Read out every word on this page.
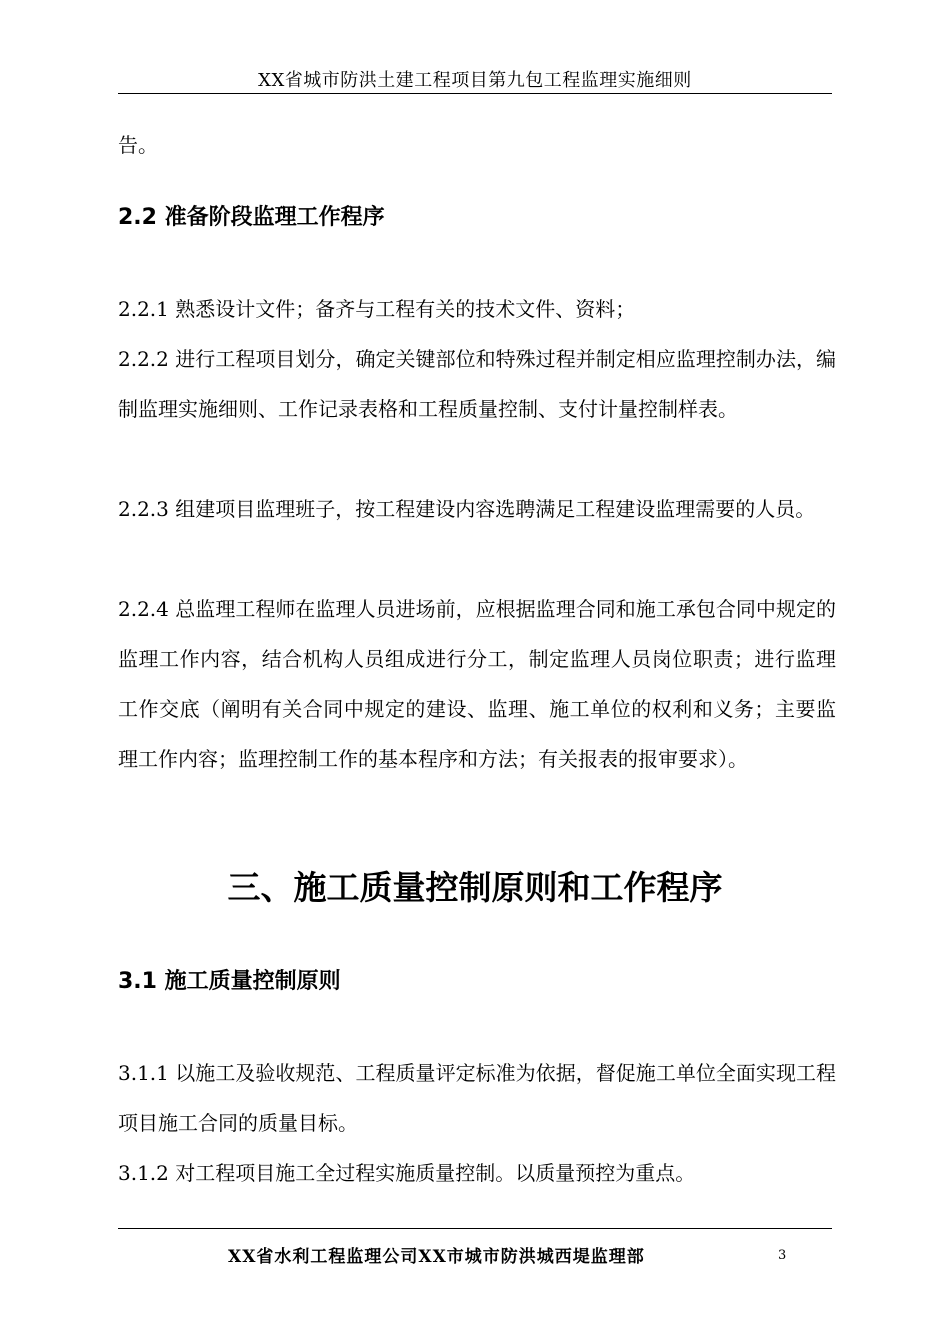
XX省城市防洪土建工程项目第九包工程监理实施细则
告。
2.2 准备阶段监理工作程序
2.2.1 熟悉设计文件；备齐与工程有关的技术文件、资料；
2.2.2 进行工程项目划分，确定关键部位和特殊过程并制定相应监理控制办法，编制监理实施细则、工作记录表格和工程质量控制、支付计量控制样表。
2.2.3 组建项目监理班子，按工程建设内容选聘满足工程建设监理需要的人员。
2.2.4 总监理工程师在监理人员进场前，应根据监理合同和施工承包合同中规定的监理工作内容，结合机构人员组成进行分工，制定监理人员岗位职责；进行监理工作交底（阐明有关合同中规定的建设、监理、施工单位的权利和义务；主要监理工作内容；监理控制工作的基本程序和方法；有关报表的报审要求）。
三、施工质量控制原则和工作程序
3.1 施工质量控制原则
3.1.1 以施工及验收规范、工程质量评定标准为依据，督促施工单位全面实现工程项目施工合同的质量目标。
3.1.2 对工程项目施工全过程实施质量控制。以质量预控为重点。
XX省水利工程监理公司XX市城市防洪城西堤监理部	3
